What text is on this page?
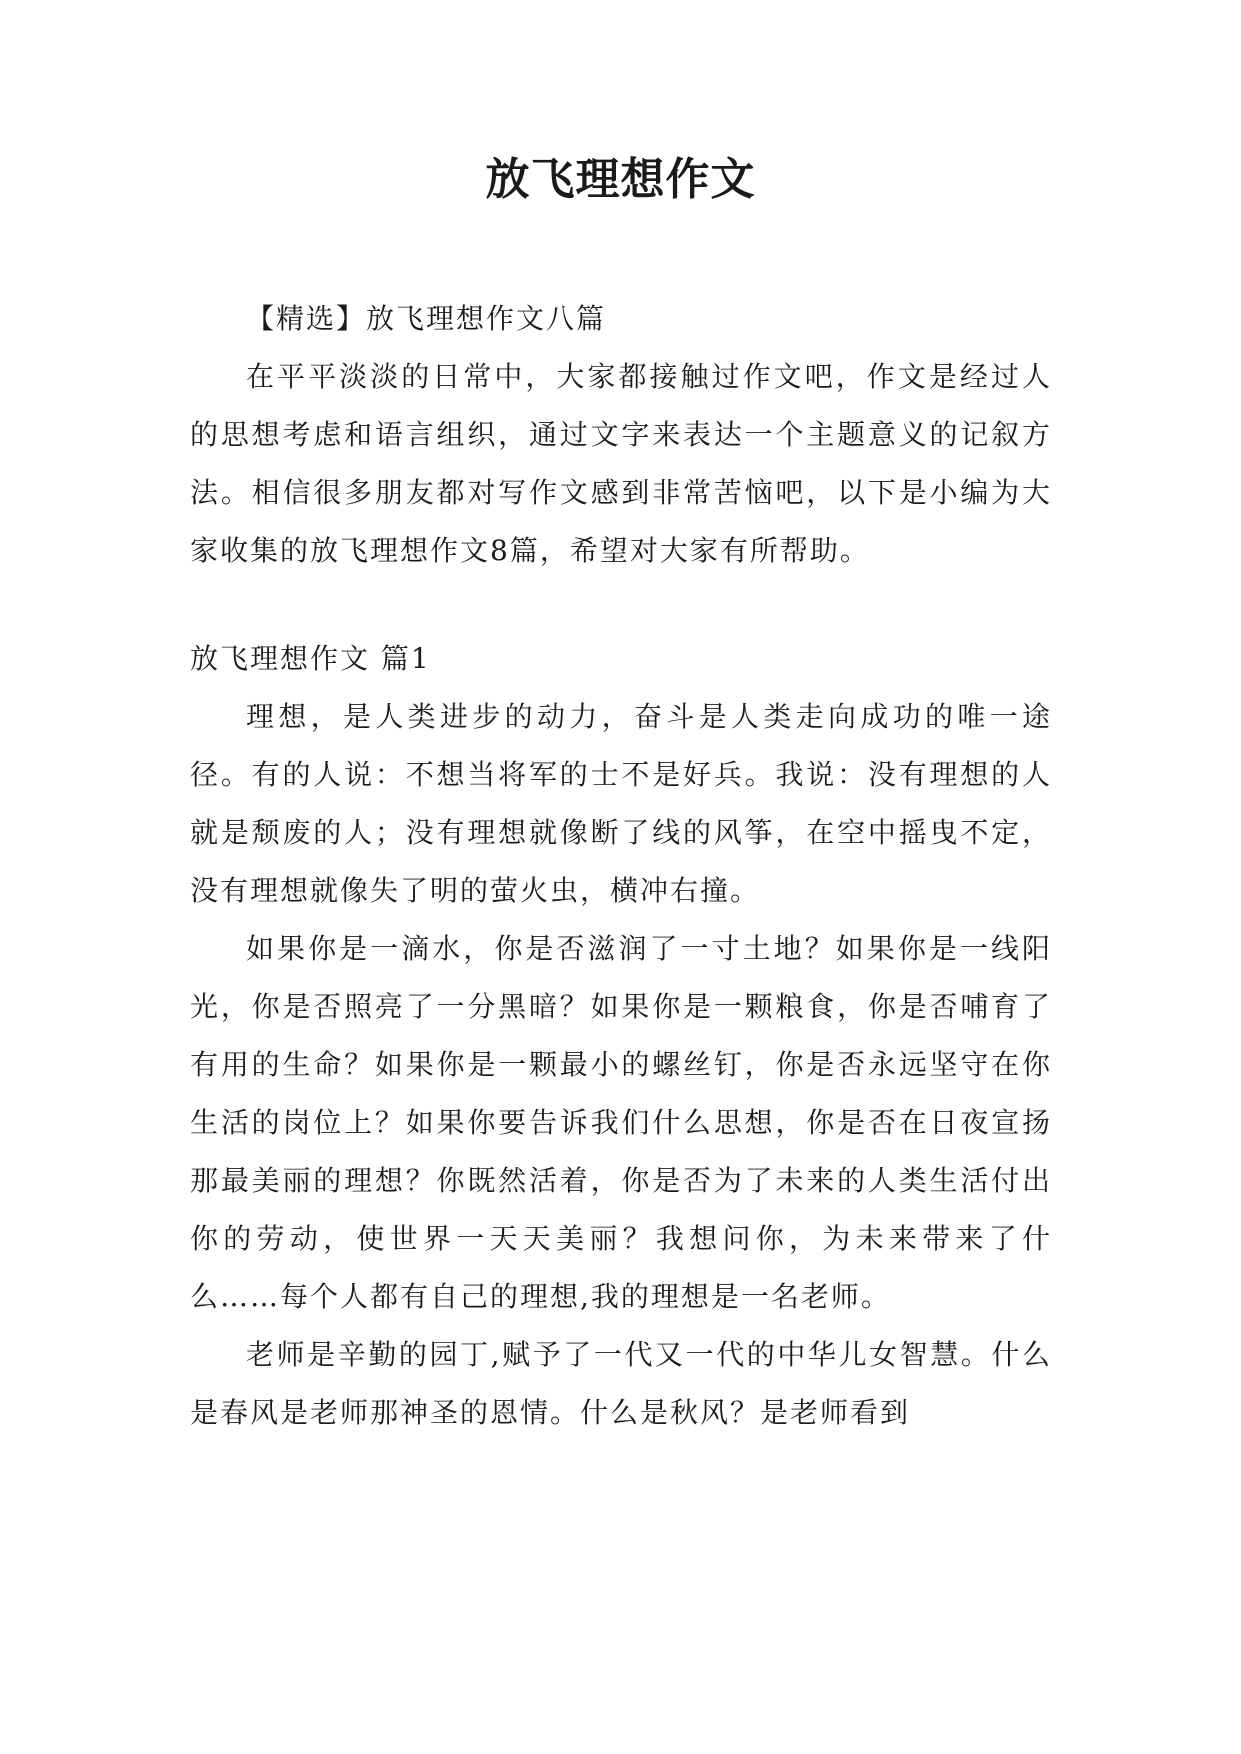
放飞理想作文

【精选】放飞理想作文八篇

在平平淡淡的日常中，大家都接触过作文吧，作文是经过人的思想考虑和语言组织，通过文字来表达一个主题意义的记叙方法。相信很多朋友都对写作文感到非常苦恼吧，以下是小编为大家收集的放飞理想作文8篇，希望对大家有所帮助。

放飞理想作文 篇1

理想，是人类进步的动力，奋斗是人类走向成功的唯一途径。有的人说：不想当将军的士不是好兵。我说：没有理想的人就是颓废的人；没有理想就像断了线的风筝，在空中摇曳不定，没有理想就像失了明的萤火虫，横冲右撞。

如果你是一滴水，你是否滋润了一寸土地？如果你是一线阳光，你是否照亮了一分黑暗？如果你是一颗粮食，你是否哺育了有用的生命？如果你是一颗最小的螺丝钉，你是否永远坚守在你生活的岗位上？如果你要告诉我们什么思想，你是否在日夜宣扬那最美丽的理想？你既然活着，你是否为了未来的人类生活付出你的劳动，使世界一天天美丽？我想问你，为未来带来了什么……每个人都有自己的理想,我的理想是一名老师。

老师是辛勤的园丁,赋予了一代又一代的中华儿女智慧。什么是春风是老师那神圣的恩情。什么是秋风？是老师看到
